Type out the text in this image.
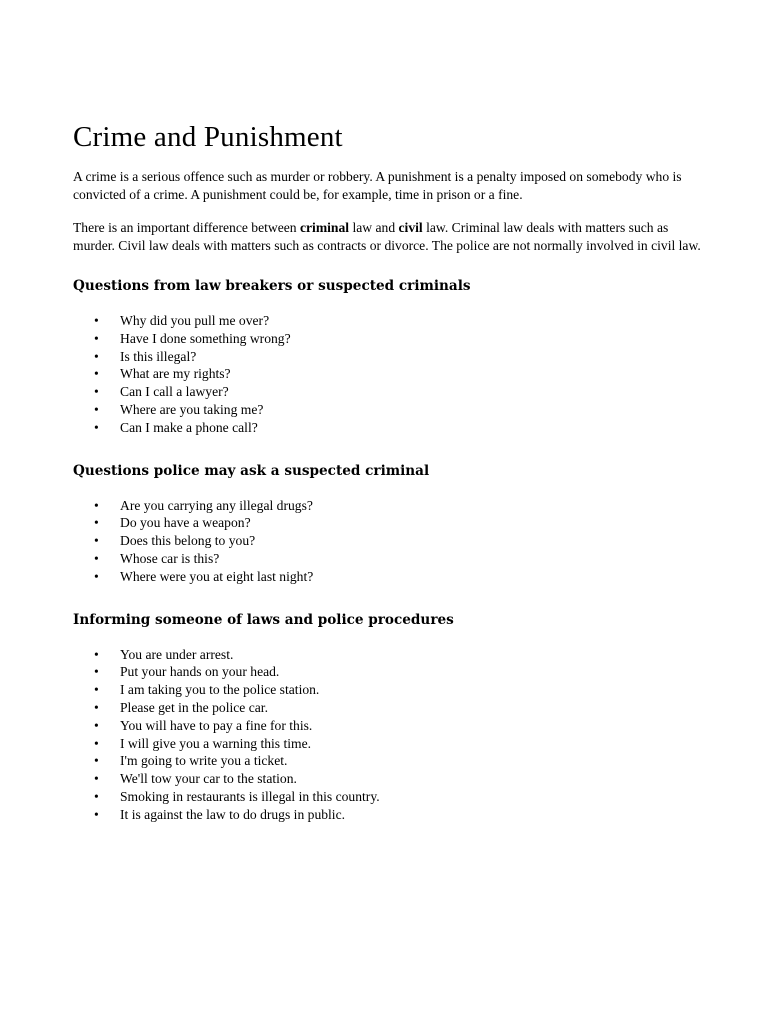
Crime and Punishment

A crime is a serious offence such as murder or robbery. A punishment is a penalty imposed on somebody who is convicted of a crime. A punishment could be, for example, time in prison or a fine.

There is an important difference between criminal law and civil law. Criminal law deals with matters such as murder. Civil law deals with matters such as contracts or divorce. The police are not normally involved in civil law.

Questions from law breakers or suspected criminals
• Why did you pull me over?
• Have I done something wrong?
• Is this illegal?
• What are my rights?
• Can I call a lawyer?
• Where are you taking me?
• Can I make a phone call?
Questions police may ask a suspected criminal
• Are you carrying any illegal drugs?
• Do you have a weapon?
• Does this belong to you?
• Whose car is this?
• Where were you at eight last night?
Informing someone of laws and police procedures
• You are under arrest.
• Put your hands on your head.
• I am taking you to the police station.
• Please get in the police car.
• You will have to pay a fine for this.
• I will give you a warning this time.
• I'm going to write you a ticket.
• We'll tow your car to the station.
• Smoking in restaurants is illegal in this country.
• It is against the law to do drugs in public.
